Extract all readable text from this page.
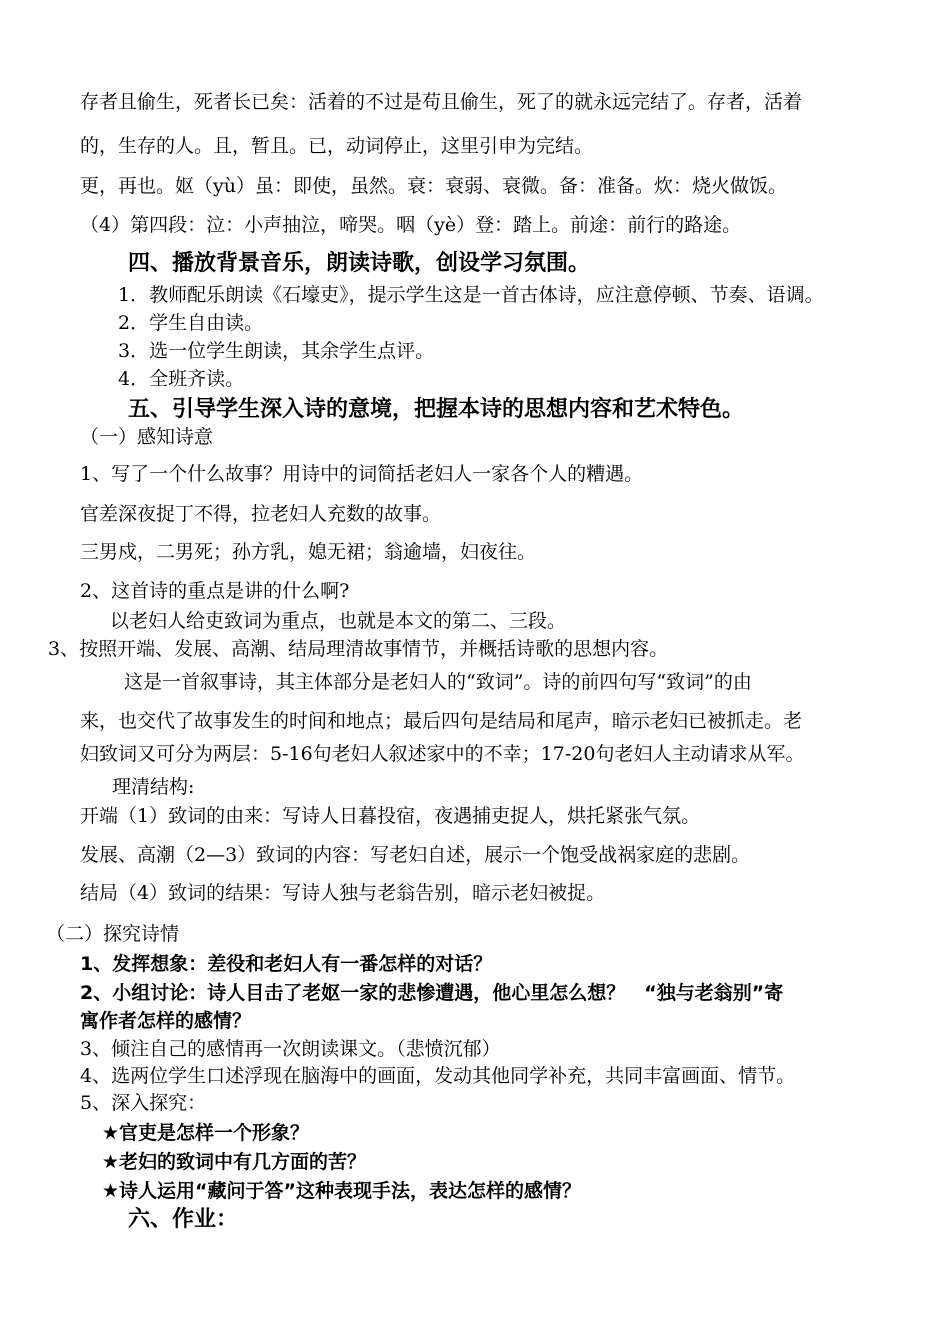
存者且偷生，死者长已矣：活着的不过是苟且偷生，死了的就永远完结了。存者，活着
的，生存的人。且，暂且。已，动词停止，这里引申为完结。
更，再也。妪（yù）虽：即使，虽然。衰：衰弱、衰微。备：准备。炊：烧火做饭。
（4）第四段：泣：小声抽泣，啼哭。咽（yè）登：踏上。前途：前行的路途。
四、播放背景音乐，朗读诗歌，创设学习氛围。
1．教师配乐朗读《石壕吏》，提示学生这是一首古体诗，应注意停顿、节奏、语调。
2．学生自由读。
3．选一位学生朗读，其余学生点评。
4．全班齐读。
五、引导学生深入诗的意境，把握本诗的思想内容和艺术特色。
（一）感知诗意
1、写了一个什么故事？用诗中的词简括老妇人一家各个人的糟遇。
官差深夜捉丁不得，拉老妇人充数的故事。
三男戍，二男死；孙方乳，媳无裙；翁逾墙，妇夜往。
2、这首诗的重点是讲的什么啊?
以老妇人给吏致词为重点，也就是本文的第二、三段。
3、按照开端、发展、高潮、结局理清故事情节，并概括诗歌的思想内容。
这是一首叙事诗，其主体部分是老妇人的“致词”。诗的前四句写“致词”的由
来，也交代了故事发生的时间和地点；最后四句是结局和尾声，暗示老妇已被抓走。老
妇致词又可分为两层：5-16句老妇人叙述家中的不幸；17-20句老妇人主动请求从军。
理清结构:
开端（1）致词的由来：写诗人日暮投宿，夜遇捕吏捉人，烘托紧张气氛。
发展、高潮（2—3）致词的内容：写老妇自述，展示一个饱受战祸家庭的悲剧。
结局（4）致词的结果：写诗人独与老翁告别，暗示老妇被捉。
（二）探究诗情
1、发挥想象：差役和老妇人有一番怎样的对话？
2、小组讨论：诗人目击了老妪一家的悲惨遭遇，他心里怎么想？　“独与老翁别”寄
寓作者怎样的感情？
3、倾注自己的感情再一次朗读课文。（悲愤沉郁）
4、选两位学生口述浮现在脑海中的画面，发动其他同学补充，共同丰富画面、情节。
5、深入探究：
★官吏是怎样一个形象？
★老妇的致词中有几方面的苦？
★诗人运用“藏问于答”这种表现手法，表达怎样的感情？
六、作业：
